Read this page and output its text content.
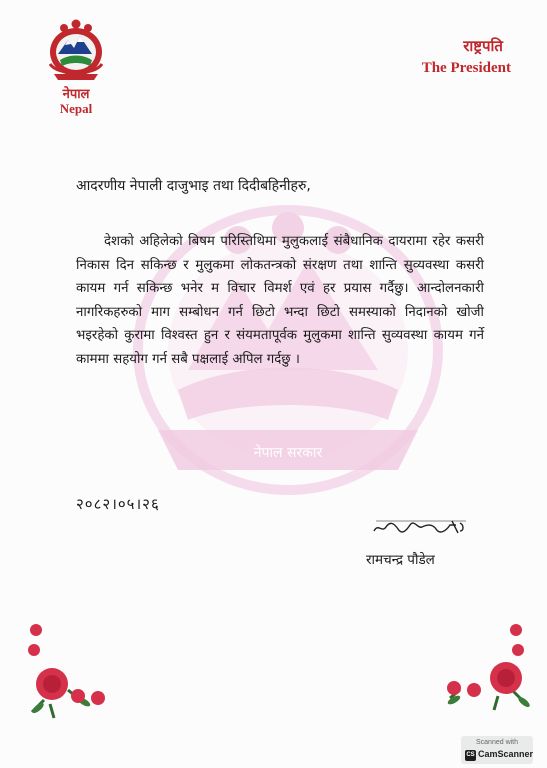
नेपाल
Nepal
राष्ट्रपति
The President
नेपाल सरकार
आदरणीय नेपाली दाजुभाइ तथा दिदीबहिनीहरु,

देशको अहिलेको बिषम परिस्तिथिमा मुलुकलाई संबैधानिक दायरामा रहेर कसरी निकास दिन सकिन्छ र मुलुकमा लोकतन्त्रको संरक्षण तथा शान्ति सुव्यवस्था कसरी कायम गर्न सकिन्छ भनेर म विचार विमर्श एवं हर प्रयास गर्दैछु। आन्दोलनकारी नागरिकहरुको माग सम्बोधन गर्न छिटो भन्दा छिटो समस्याको निदानको खोजी भइरहेको कुरामा विश्वस्त हुन र संयमतापूर्वक मुलुकमा शान्ति सुव्यवस्था कायम गर्ने काममा सहयोग गर्न सबै पक्षलाई अपिल गर्दछु ।

२०८२।०५।२६
रामचन्द्र पौडेल
Scanned with
CS CamScanner
